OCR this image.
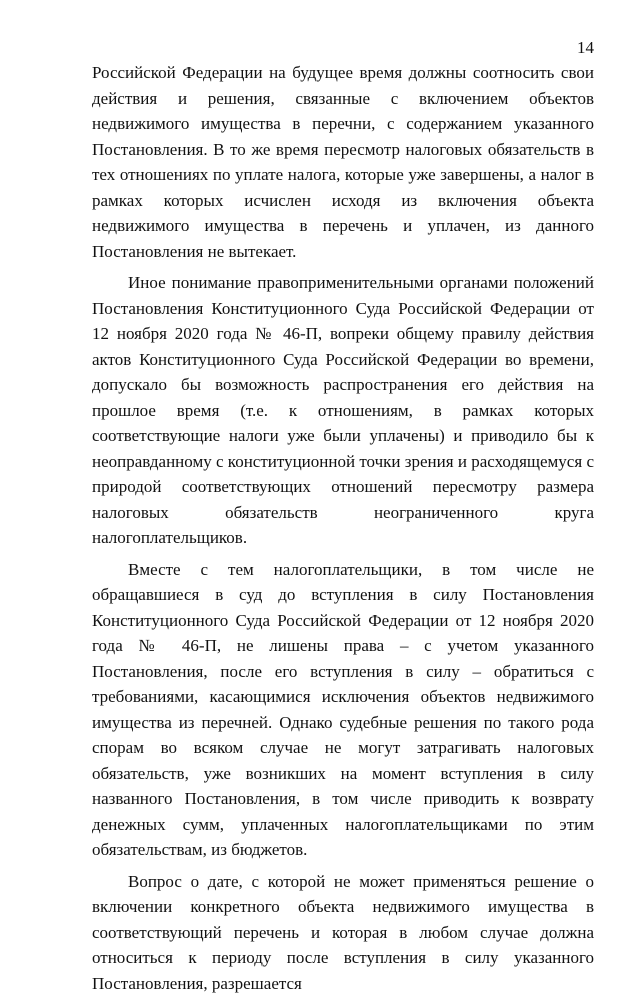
14

Российской Федерации на будущее время должны соотносить свои действия и решения, связанные с включением объектов недвижимого имущества в перечни, с содержанием указанного Постановления. В то же время пересмотр налоговых обязательств в тех отношениях по уплате налога, которые уже завершены, а налог в рамках которых исчислен исходя из включения объекта недвижимого имущества в перечень и уплачен, из данного Постановления не вытекает.

Иное понимание правоприменительными органами положений Постановления Конституционного Суда Российской Федерации от 12 ноября 2020 года № 46-П, вопреки общему правилу действия актов Конституционного Суда Российской Федерации во времени, допускало бы возможность распространения его действия на прошлое время (т.е. к отношениям, в рамках которых соответствующие налоги уже были уплачены) и приводило бы к неоправданному с конституционной точки зрения и расходящемуся с природой соответствующих отношений пересмотру размера налоговых обязательств неограниченного круга налогоплательщиков.

Вместе с тем налогоплательщики, в том числе не обращавшиеся в суд до вступления в силу Постановления Конституционного Суда Российской Федерации от 12 ноября 2020 года № 46-П, не лишены права – с учетом указанного Постановления, после его вступления в силу – обратиться с требованиями, касающимися исключения объектов недвижимого имущества из перечней. Однако судебные решения по такого рода спорам во всяком случае не могут затрагивать налоговых обязательств, уже возникших на момент вступления в силу названного Постановления, в том числе приводить к возврату денежных сумм, уплаченных налогоплательщиками по этим обязательствам, из бюджетов.

Вопрос о дате, с которой не может применяться решение о включении конкретного объекта недвижимого имущества в соответствующий перечень и которая в любом случае должна относиться к периоду после вступления в силу указанного Постановления, разрешается
